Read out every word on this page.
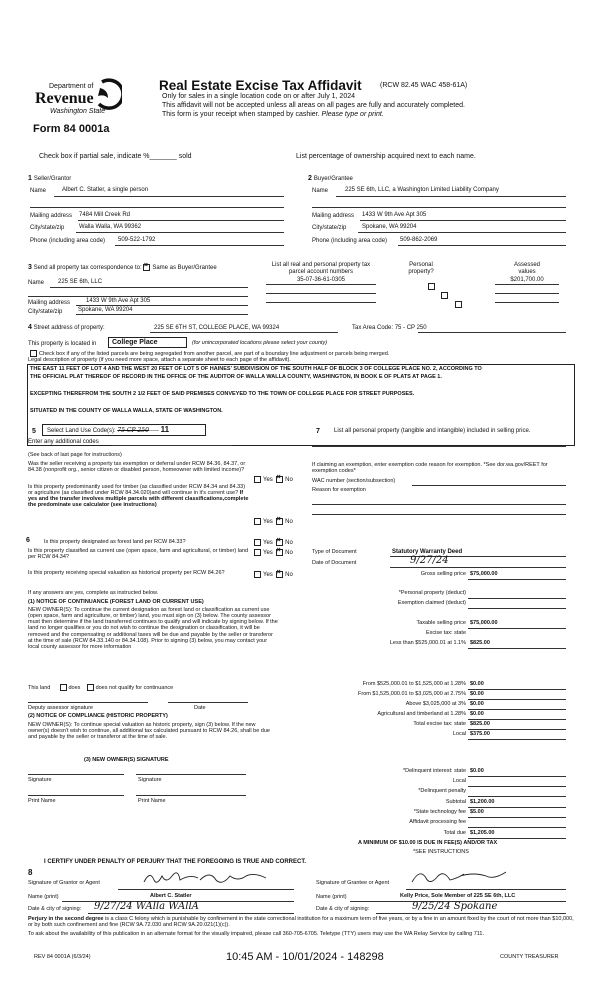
Department of
Revenue
Washington State
Form 84 0001a
Real Estate Excise Tax Affidavit	(RCW 82.45 WAC 458-61A)
Only for sales in a single location code on or after July 1, 2024
This affidavit will not be accepted unless all areas on all pages are fully and accurately completed.
This form is your receipt when stamped by cashier. Please type or print.
Check box if partial sale, indicate %_______ sold	List percentage of ownership acquired next to each name.
1 Seller/Grantor
Name	Albert C. Statler, a single person
Mailing address 7484 Mill Creek Rd
City/state/zip Walla Walla, WA 99362
Phone (including area code) 509-522-1792
2 Buyer/Grantee
Name	225 SE 6th, LLC, a Washington Limited Liability Company
Mailing address 1433 W 9th Ave Apt 305
City/state/zip	Spokane, WA 99204
Phone (including area code) 509-862-2069
3 Send all property tax correspondence to: × Same as Buyer/Grantee
Name 225 SE 6th, LLC
Mailing address	1433 W 9th Ave Apt 305
City/state/zip	Spokane, WA 99204
List all real and personal property tax
parcel account numbers
Personal
property?
Assessed
values
35-07-36-61-0305	$201,700.00

4 Street address of property:	225 SE 6TH ST, COLLEGE PLACE, WA 99324	Tax Area Code: 75 - CP 250
This property is located in	College Place	(for unincorporated locations please select your county)
Check box if any of the listed parcels are being segregated from another parcel, are part of a boundary line adjustment or parcels being merged.
Legal description of property (if you need more space, attach a separate sheet to each page of the affidavit).
THE EAST 11 FEET OF LOT 4 AND THE WEST 20 FEET OF LOT 5 OF HAINES' SUBDIVISION OF THE SOUTH HALF OF BLOCK 3 OF COLLEGE PLACE NO. 2, ACCORDING TO
THE OFFICIAL PLAT THEREOF OF RECORD IN THE OFFICE OF THE AUDITOR OF WALLA WALLA COUNTY, WASHINGTON, IN BOOK E OF PLATS AT PAGE 1.
EXCEPTING THEREFROM THE SOUTH 2 1/2 FEET OF SAID PREMISES CONVEYED TO THE TOWN OF COLLEGE PLACE FOR STREET PURPOSES.
SITUATED IN THE COUNTY OF WALLA WALLA, STATE OF WASHINGTON.
5	Select Land Use Code(s): 75 CP 250----- 11
Enter any additional codes
(See back of last page for instructions)
Was the seller receiving a property tax exemption or deferral under RCW 84.36, 84.37, or 84.38 (nonprofit org., senior citizen or disabled person, homeowner with limited income)?
Yes × No
Is this property predominantly used for timber (as classified under RCW 84.34 and 84.33) or agriculture (as classified under RCW 84.34.020)and will continue in it's current use? If yes and the transfer involves multiple parcels with different classifications,complete the predominate use calculator (see instructions)
Yes × No
7 List all personal property (tangible and intangible) included in selling price.
If claiming an exemption, enter exemption code reason for exemption. *See dor.wa.gov/REET for exemption codes*
WAC number (section/subsection)
Reason for exemption
6	Is this property designated as forest land per RCW 84.33?	Yes × No
Is this property classified as current use (open space, farm and agricultural, or timber) land per RCW 84.34?
Yes × No
Is this property receiving special valuation as historical property per RCW 84.26?	Yes × No
If any answers are yes, complete as instructed below.
(1) NOTICE OF CONTINUANCE (FOREST LAND OR CURRENT USE)
NEW OWNER(S): To continue the current designation as forest land or classification as current use (open space, farm and agriculture, or timber) land, you must sign on (3) below. The county assessor must then determine if the land transferred continues to qualify and will indicate by signing below. If the land no longer qualifies or you do not wish to continue the designation or classification, it will be removed and the compensating or additional taxes will be due and payable by the seller or transferor at the time of sale (RCW 84.33.140 or 84.34.108). Prior to signing (3) below, you may contact your local county assessor for more information
This land	does	does not qualify for continuance
Deputy assessor signature	Date
(2) NOTICE OF COMPLIANCE (HISTORIC PROPERTY)
NEW OWNER(S): To continue special valuation as historic property, sign (3) below. If the new owner(s) doesn't wish to continue, all additional tax calculated pursuant to RCW 84.26, shall be due and payable by the seller or transferor at the time of sale.
(3) NEW OWNER(S) SIGNATURE
Signature	Signature
Print Name	Print Name
Type of Document	Statutory Warranty Deed
Date of Document	9/27/24
Gross selling price $75,000.00
*Personal property (deduct)
Exemption claimed (deduct)
Taxable selling price $75,000.00
Excise tax: state
Less than $525,000.01 at 1.1% $825.00
From $525,000.01 to $1,525,000 at 1.28% $0.00
From $1,525,000.01 to $3,025,000 at 2.75% $0.00
Above $3,025,000 at 3% $0.00
Agricultural and timberland at 1.28% $0.00
Total excise tax: state $825.00
Local $375.00
*Delinquent interest: state $0.00
Local
*Delinquent penalty
Subtotal $1,200.00
*State technology fee $5.00
Affidavit processing fee
Total due $1,205.00
A MINIMUM OF $10.00 IS DUE IN FEE(S) AND/OR TAX
*SEE INSTRUCTIONS
I CERTIFY UNDER PENALTY OF PERJURY THAT THE FOREGOING IS TRUE AND CORRECT.
8
Signature of Grantor or Agent	Signature of Grantee or Agent
Name (print)	Albert C. Statler	Name (print)	Kelly Price, Sole Member of 225 SE 6th, LLC
Date & city of signing: 9/27/24 WAlla WAllA	Date & city of signing:	9/25/24 Spokane
Perjury in the second degree is a class C felony which is punishable by confinement in the state correctional institution for a maximum term of five years, or by a fine in an amount fixed by the court of not more than $10,000, or by both such confinement and fine (RCW 9A.72.030 and RCW 9A.20.021(1)(c)).
To ask about the availability of this publication in an alternate format for the visually impaired, please call 360-705-6705. Teletype (TTY) users may use the WA Relay Service by calling 711.
REV 84 0001A (6/3/24)	10:45 AM - 10/01/2024 - 148298	COUNTY TREASURER
